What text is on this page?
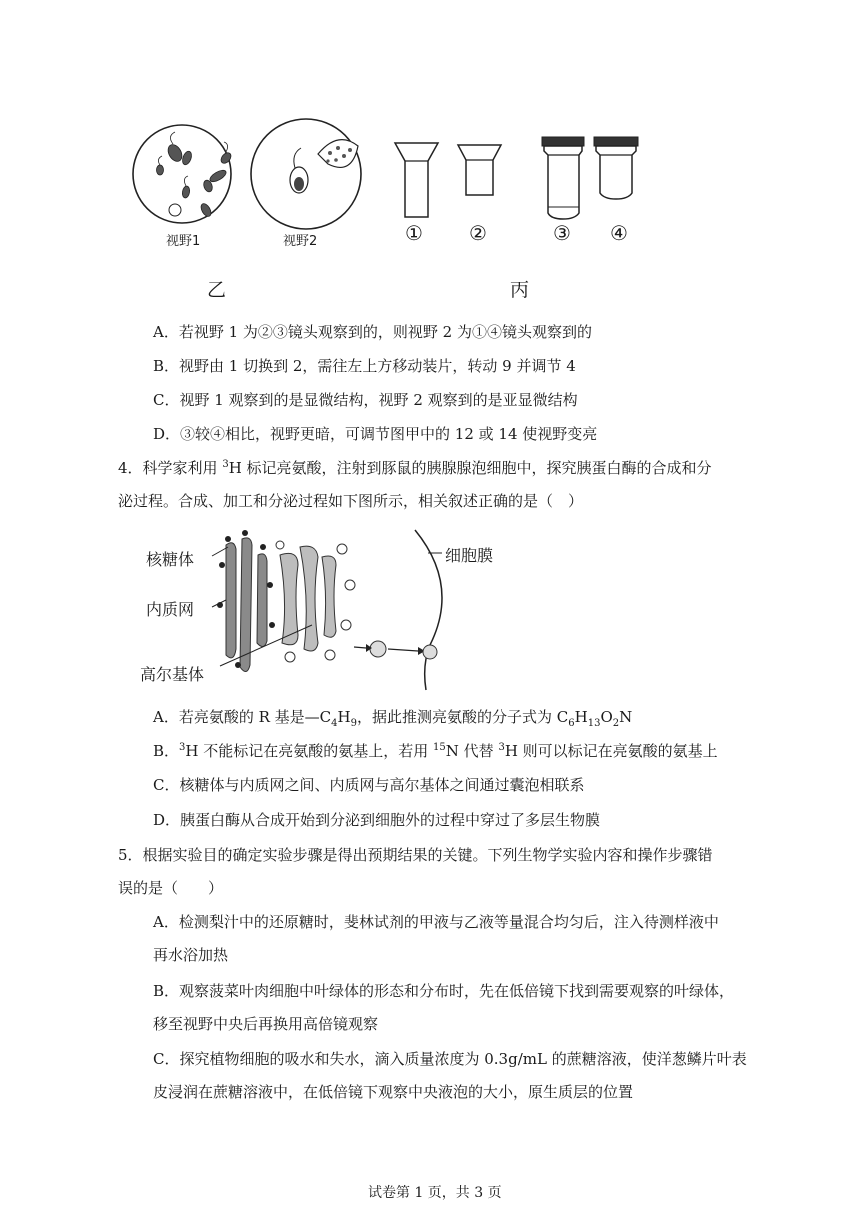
视野1	视野2
乙
① ②	③ ④
丙
A．若视野 1 为②③镜头观察到的，则视野 2 为①④镜头观察到的
B．视野由 1 切换到 2，需往左上方移动装片，转动 9 并调节 4
C．视野 1 观察到的是显微结构，视野 2 观察到的是亚显微结构
D．③较④相比，视野更暗，可调节图甲中的 12 或 14 使视野变亮
4．科学家利用 $^3$H 标记亮氨酸，注射到豚鼠的胰腺腺泡细胞中，探究胰蛋白酶的合成和分
泌过程。合成、加工和分泌过程如下图所示，相关叙述正确的是（　）
核糖体
内质网
高尔基体
细胞膜
A．若亮氨酸的 R 基是$—C_4H_9$，据此推测亮氨酸的分子式为 $C_6H_{13}O_2N$
B．$^3$H 不能标记在亮氨酸的氨基上，若用 $^{15}$N 代替 $^3$H 则可以标记在亮氨酸的氨基上
C．核糖体与内质网之间、内质网与高尔基体之间通过囊泡相联系
D．胰蛋白酶从合成开始到分泌到细胞外的过程中穿过了多层生物膜
5．根据实验目的确定实验步骤是得出预期结果的关键。下列生物学实验内容和操作步骤错
误的是（　　）
A．检测梨汁中的还原糖时，斐林试剂的甲液与乙液等量混合均匀后，注入待测样液中
再水浴加热
B．观察菠菜叶肉细胞中叶绿体的形态和分布时，先在低倍镜下找到需要观察的叶绿体，
移至视野中央后再换用高倍镜观察
C．探究植物细胞的吸水和失水，滴入质量浓度为 0.3g/mL 的蔗糖溶液，使洋葱鳞片叶表
皮浸润在蔗糖溶液中，在低倍镜下观察中央液泡的大小，原生质层的位置
试卷第 1 页，共 3 页
